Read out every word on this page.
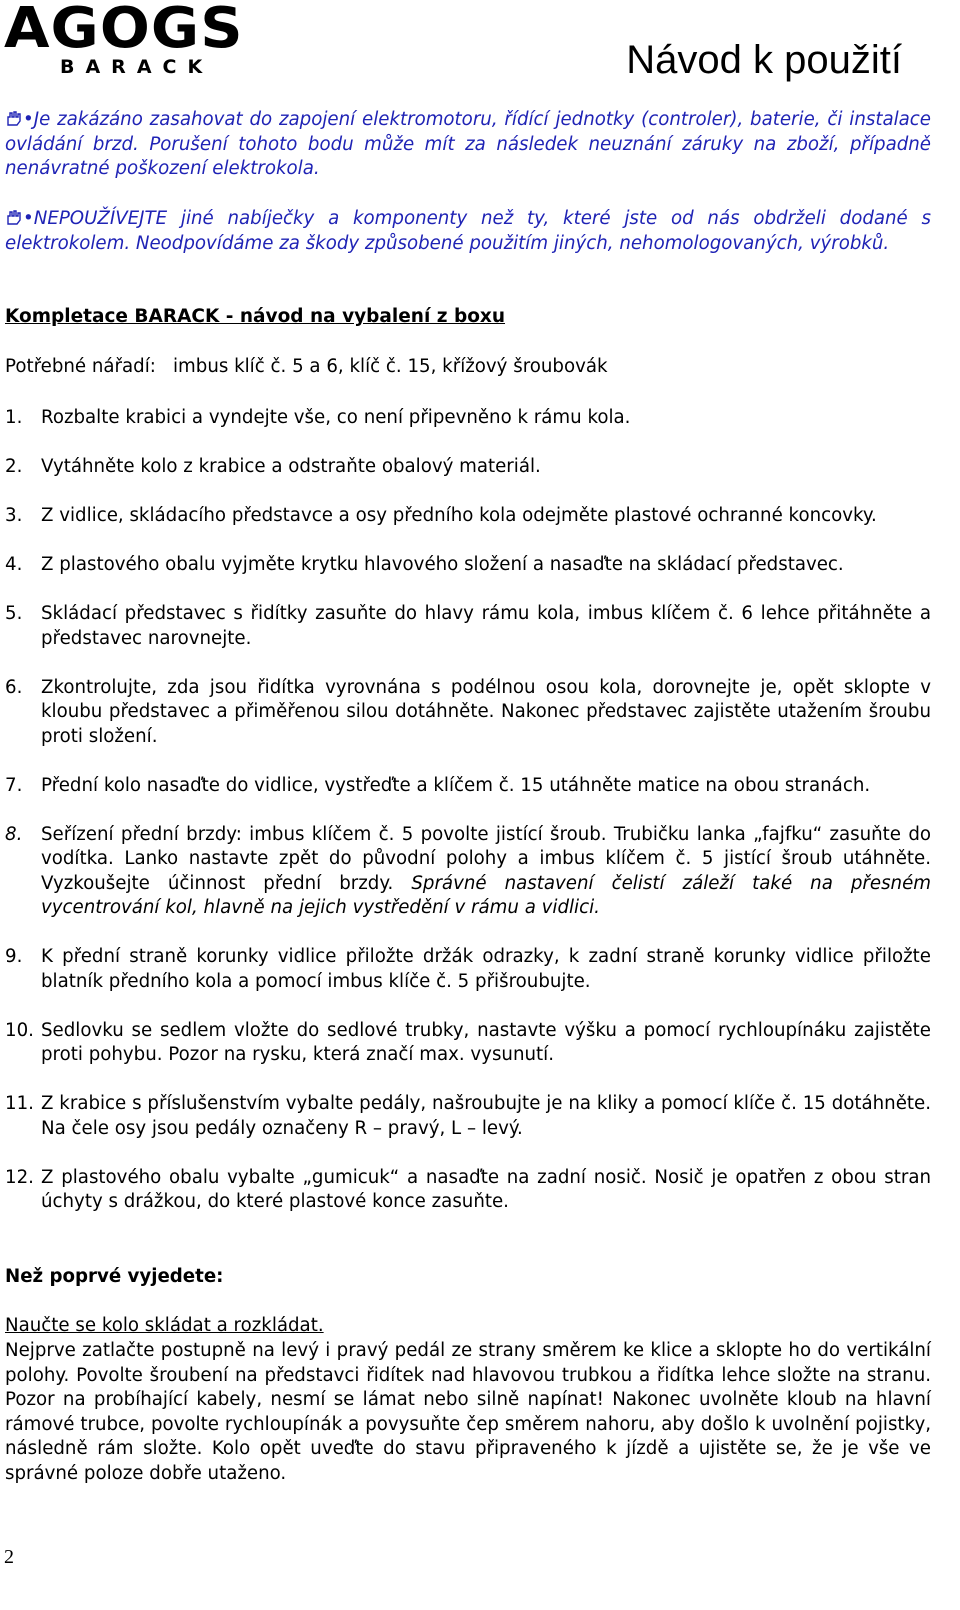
AGOGS
BARACK	Návod k použití
•Je zakázáno zasahovat do zapojení elektromotoru, řídící jednotky (controler), baterie, či instalace ovládání brzd. Porušení tohoto bodu může mít za následek neuznání záruky na zboží, případně nenávratné poškození elektrokola.
•NEPOUŽÍVEJTE jiné nabíječky a komponenty než ty, které jste od nás obdrželi dodané s elektrokolem. Neodpovídáme za škody způsobené použitím jiných, nehomologovaných, výrobků.
Kompletace BARACK - návod na vybalení z boxu
Potřebné nářadí: imbus klíč č. 5 a 6, klíč č. 15, křížový šroubovák
1.	Rozbalte krabici a vyndejte vše, co není připevněno k rámu kola.
2.	Vytáhněte kolo z krabice a odstraňte obalový materiál.
3.	Z vidlice, skládacího představce a osy předního kola odejměte plastové ochranné koncovky.
4.	Z plastového obalu vyjměte krytku hlavového složení a nasaďte na skládací představec.
5.	Skládací představec s řidítky zasuňte do hlavy rámu kola, imbus klíčem č. 6 lehce přitáhněte a představec narovnejte.
6.	Zkontrolujte, zda jsou řidítka vyrovnána s podélnou osou kola, dorovnejte je, opět sklopte v kloubu představec a přiměřenou silou dotáhněte. Nakonec představec zajistěte utažením šroubu proti složení.
7.	Přední kolo nasaďte do vidlice, vystřeďte a klíčem č. 15 utáhněte matice na obou stranách.
8.	Seřízení přední brzdy: imbus klíčem č. 5 povolte jistící šroub. Trubičku lanka „fajfku“ zasuňte do vodítka. Lanko nastavte zpět do původní polohy a imbus klíčem č. 5 jistící šroub utáhněte. Vyzkoušejte účinnost přední brzdy. Správné nastavení čelistí záleží také na přesném vycentrování kol, hlavně na jejich vystředění v rámu a vidlici.
9.	K přední straně korunky vidlice přiložte držák odrazky, k zadní straně korunky vidlice přiložte blatník předního kola a pomocí imbus klíče č. 5 přišroubujte.
10. Sedlovku se sedlem vložte do sedlové trubky, nastavte výšku a pomocí rychloupínáku zajistěte proti pohybu. Pozor na rysku, která značí max. vysunutí.
11. Z krabice s příslušenstvím vybalte pedály, našroubujte je na kliky a pomocí klíče č. 15 dotáhněte. Na čele osy jsou pedály označeny R – pravý, L – levý.
12. Z plastového obalu vybalte „gumicuk“ a nasaďte na zadní nosič. Nosič je opatřen z obou stran úchyty s drážkou, do které plastové konce zasuňte.
Než poprvé vyjedete:
Naučte se kolo skládat a rozkládat.
Nejprve zatlačte postupně na levý i pravý pedál ze strany směrem ke klice a sklopte ho do vertikální polohy. Povolte šroubení na představci řidítek nad hlavovou trubkou a řidítka lehce složte na stranu. Pozor na probíhající kabely, nesmí se lámat nebo silně napínat! Nakonec uvolněte kloub na hlavní rámové trubce, povolte rychloupínák a povysuňte čep směrem nahoru, aby došlo k uvolnění pojistky, následně rám složte. Kolo opět uveďte do stavu připraveného k jízdě a ujistěte se, že je vše ve správné poloze dobře utaženo.
2
